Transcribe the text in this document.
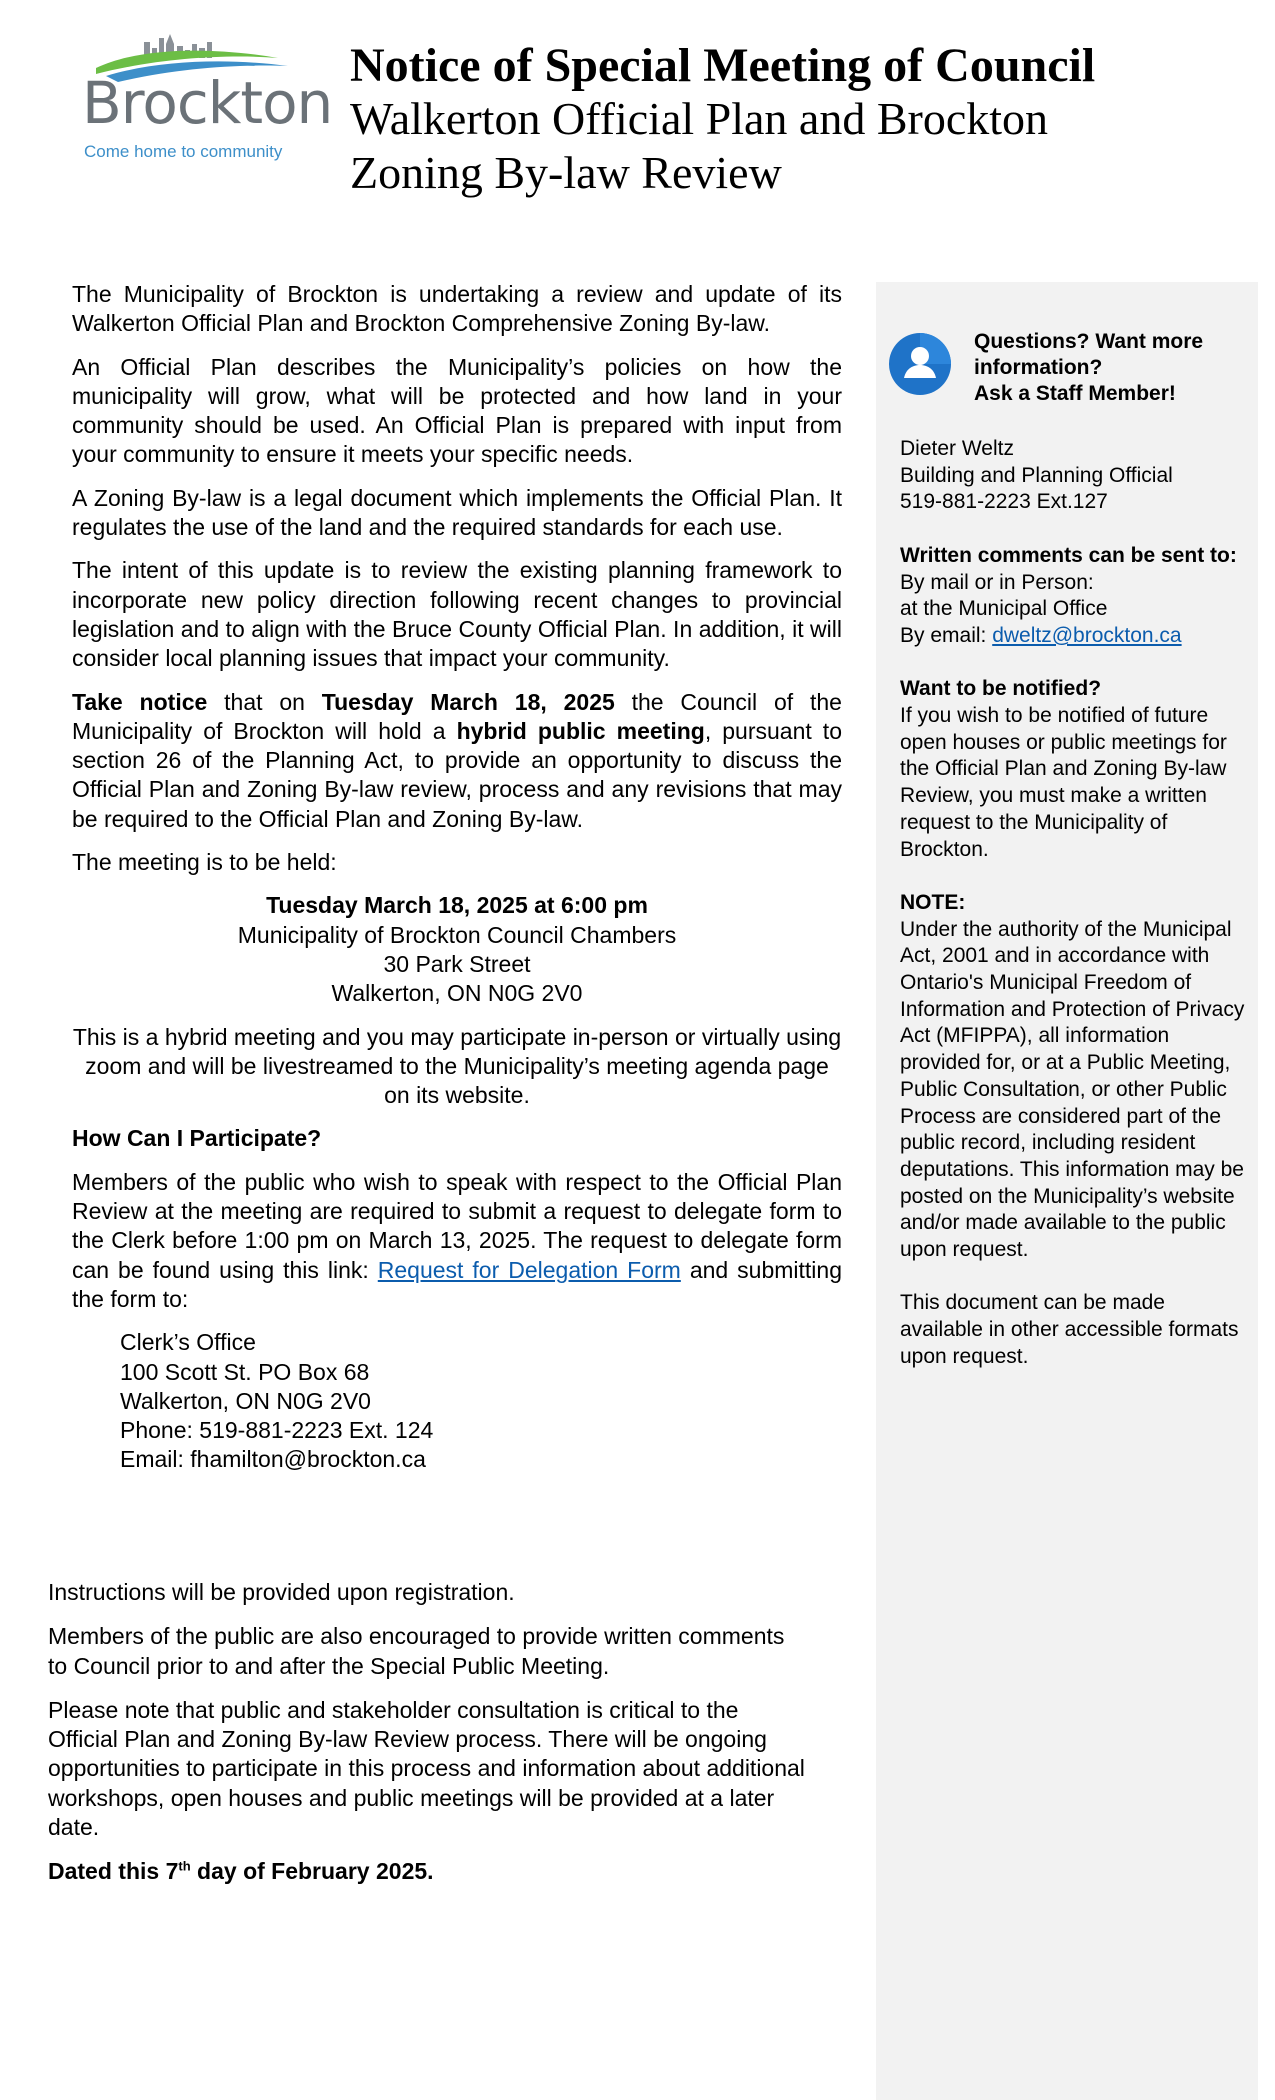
Brockton
Come home to community
Notice of Special Meeting of Council
Walkerton Official Plan and Brockton
Zoning By-law Review
Questions? Want more
information?
Ask a Staff Member!

Dieter Weltz

Building and Planning Official

519-881-2223 Ext.127

Written comments can be sent to:

By mail or in Person:

at the Municipal Office

By email: dweltz@brockton.ca

Want to be notified?

If you wish to be notified of future open houses or public meetings for the Official Plan and Zoning By-law Review, you must make a written request to the Municipality of Brockton.

NOTE:

Under the authority of the Municipal Act, 2001 and in accordance with Ontario's Municipal Freedom of Information and Protection of Privacy Act (MFIPPA), all information provided for, or at a Public Meeting, Public Consultation, or other Public Process are considered part of the public record, including resident deputations. This information may be posted on the Municipality’s website and/or made available to the public upon request.

This document can be made available in other accessible formats upon request.

The Municipality of Brockton is undertaking a review and update of its Walkerton Official Plan and Brockton Comprehensive Zoning By-law.

An Official Plan describes the Municipality’s policies on how the municipality will grow, what will be protected and how land in your community should be used. An Official Plan is prepared with input from your community to ensure it meets your specific needs.

A Zoning By-law is a legal document which implements the Official Plan. It regulates the use of the land and the required standards for each use.

The intent of this update is to review the existing planning framework to incorporate new policy direction following recent changes to provincial legislation and to align with the Bruce County Official Plan. In addition, it will consider local planning issues that impact your community.

Take notice that on Tuesday March 18, 2025 the Council of the Municipality of Brockton will hold a hybrid public meeting, pursuant to section 26 of the Planning Act, to provide an opportunity to discuss the Official Plan and Zoning By-law review, process and any revisions that may be required to the Official Plan and Zoning By-law.

The meeting is to be held:

Tuesday March 18, 2025 at 6:00 pm
Municipality of Brockton Council Chambers
30 Park Street
Walkerton, ON N0G 2V0

This is a hybrid meeting and you may participate in-person or virtually using zoom and will be livestreamed to the Municipality’s meeting agenda page on its website.

How Can I Participate?

Members of the public who wish to speak with respect to the Official Plan Review at the meeting are required to submit a request to delegate form to the Clerk before 1:00 pm on March 13, 2025. The request to delegate form can be found using this link: Request for Delegation Form and submitting the form to:

Clerk’s Office
100 Scott St. PO Box 68
Walkerton, ON N0G 2V0
Phone: 519-881-2223 Ext. 124
Email: fhamilton@brockton.ca

Instructions will be provided upon registration.

Members of the public are also encouraged to provide written comments to Council prior to and after the Special Public Meeting.

Please note that public and stakeholder consultation is critical to the Official Plan and Zoning By-law Review process. There will be ongoing opportunities to participate in this process and information about additional workshops, open houses and public meetings will be provided at a later date.

Dated this 7th day of February 2025.
